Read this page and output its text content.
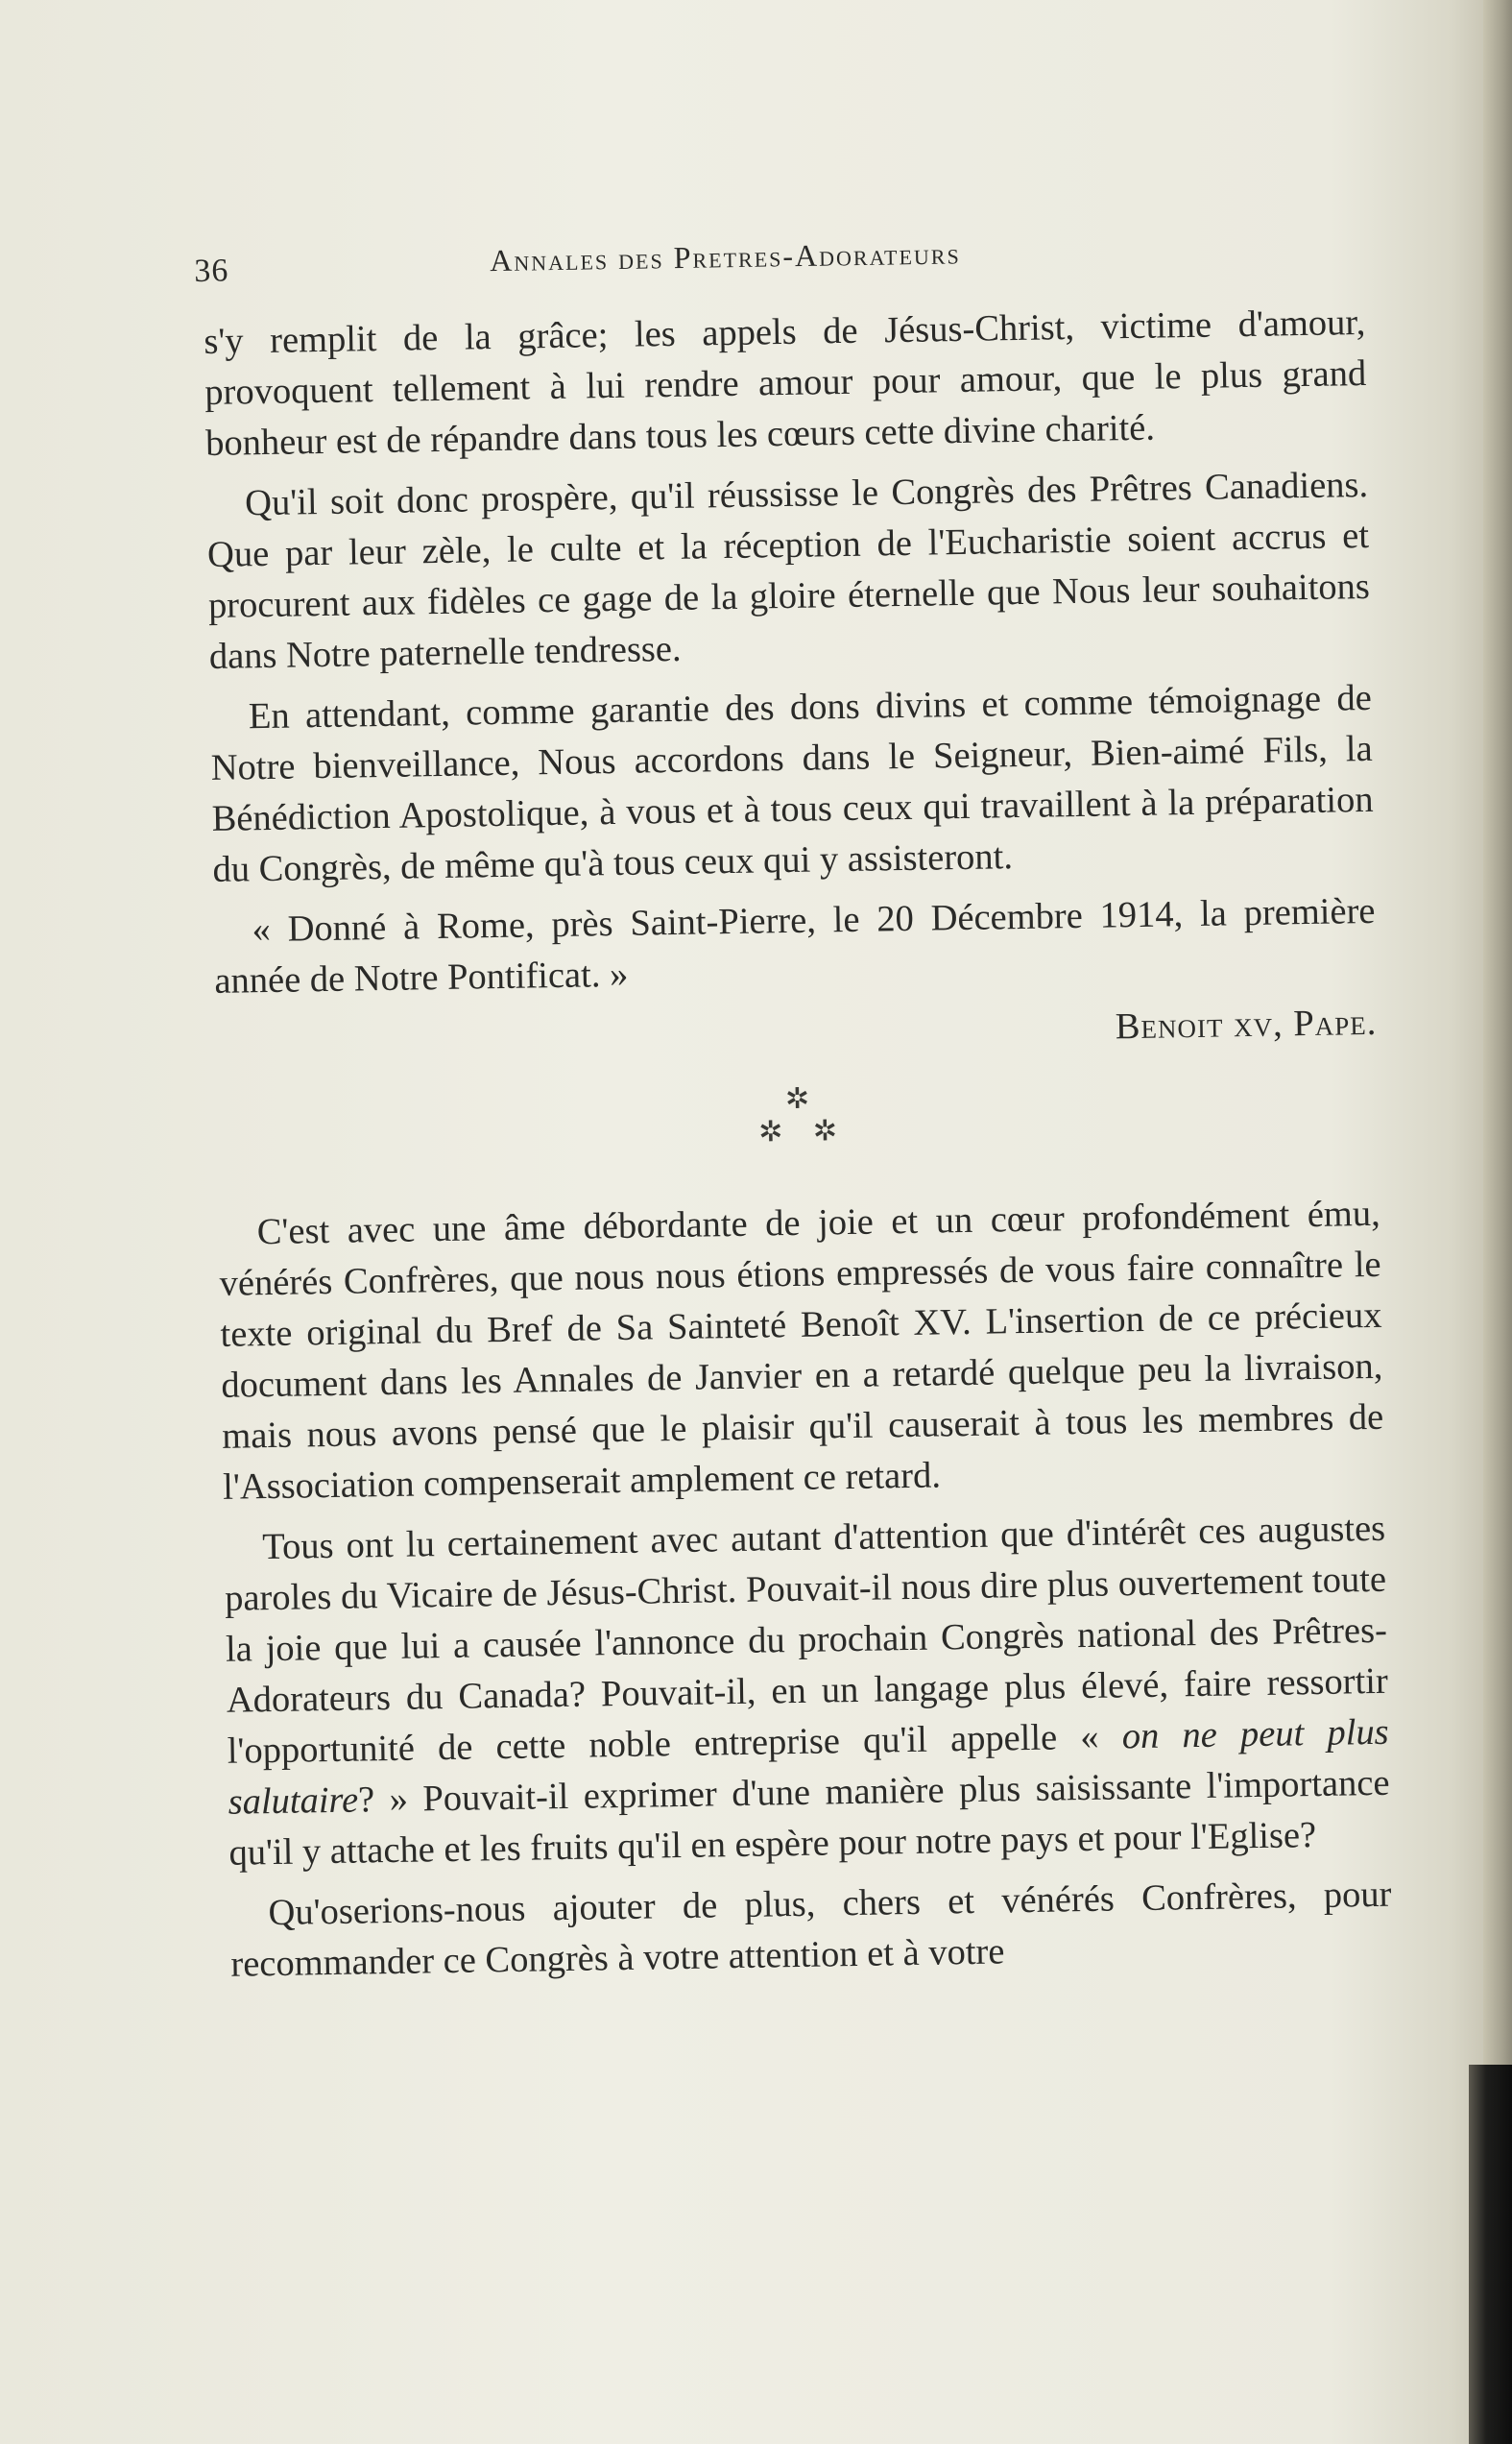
36	Annales des Pretres-Adorateurs

s'y remplit de la grâce; les appels de Jésus-Christ, victime d'amour, provoquent tellement à lui rendre amour pour amour, que le plus grand bonheur est de répandre dans tous les cœurs cette divine charité.

Qu'il soit donc prospère, qu'il réussisse le Congrès des Prêtres Canadiens. Que par leur zèle, le culte et la réception de l'Eucharistie soient accrus et procurent aux fidèles ce gage de la gloire éternelle que Nous leur souhaitons dans Notre paternelle tendresse.

En attendant, comme garantie des dons divins et comme témoignage de Notre bienveillance, Nous accordons dans le Seigneur, Bien-aimé Fils, la Bénédiction Apostolique, à vous et à tous ceux qui travaillent à la préparation du Congrès, de même qu'à tous ceux qui y assisteront.

« Donné à Rome, près Saint-Pierre, le 20 Décembre 1914, la première année de Notre Pontificat. »

Benoit xv, Pape.

✲
✲ ✲

C'est avec une âme débordante de joie et un cœur profondément ému, vénérés Confrères, que nous nous étions empressés de vous faire connaître le texte original du Bref de Sa Sainteté Benoît XV. L'insertion de ce précieux document dans les Annales de Janvier en a retardé quelque peu la livraison, mais nous avons pensé que le plaisir qu'il causerait à tous les membres de l'Association compenserait amplement ce retard.

Tous ont lu certainement avec autant d'attention que d'intérêt ces augustes paroles du Vicaire de Jésus-Christ. Pouvait-il nous dire plus ouvertement toute la joie que lui a causée l'annonce du prochain Congrès national des Prêtres-Adorateurs du Canada? Pouvait-il, en un langage plus élevé, faire ressortir l'opportunité de cette noble entreprise qu'il appelle « on ne peut plus salutaire? » Pouvait-il exprimer d'une manière plus saisissante l'importance qu'il y attache et les fruits qu'il en espère pour notre pays et pour l'Eglise?

Qu'oserions-nous ajouter de plus, chers et vénérés Confrères, pour recommander ce Congrès à votre attention et à votre
